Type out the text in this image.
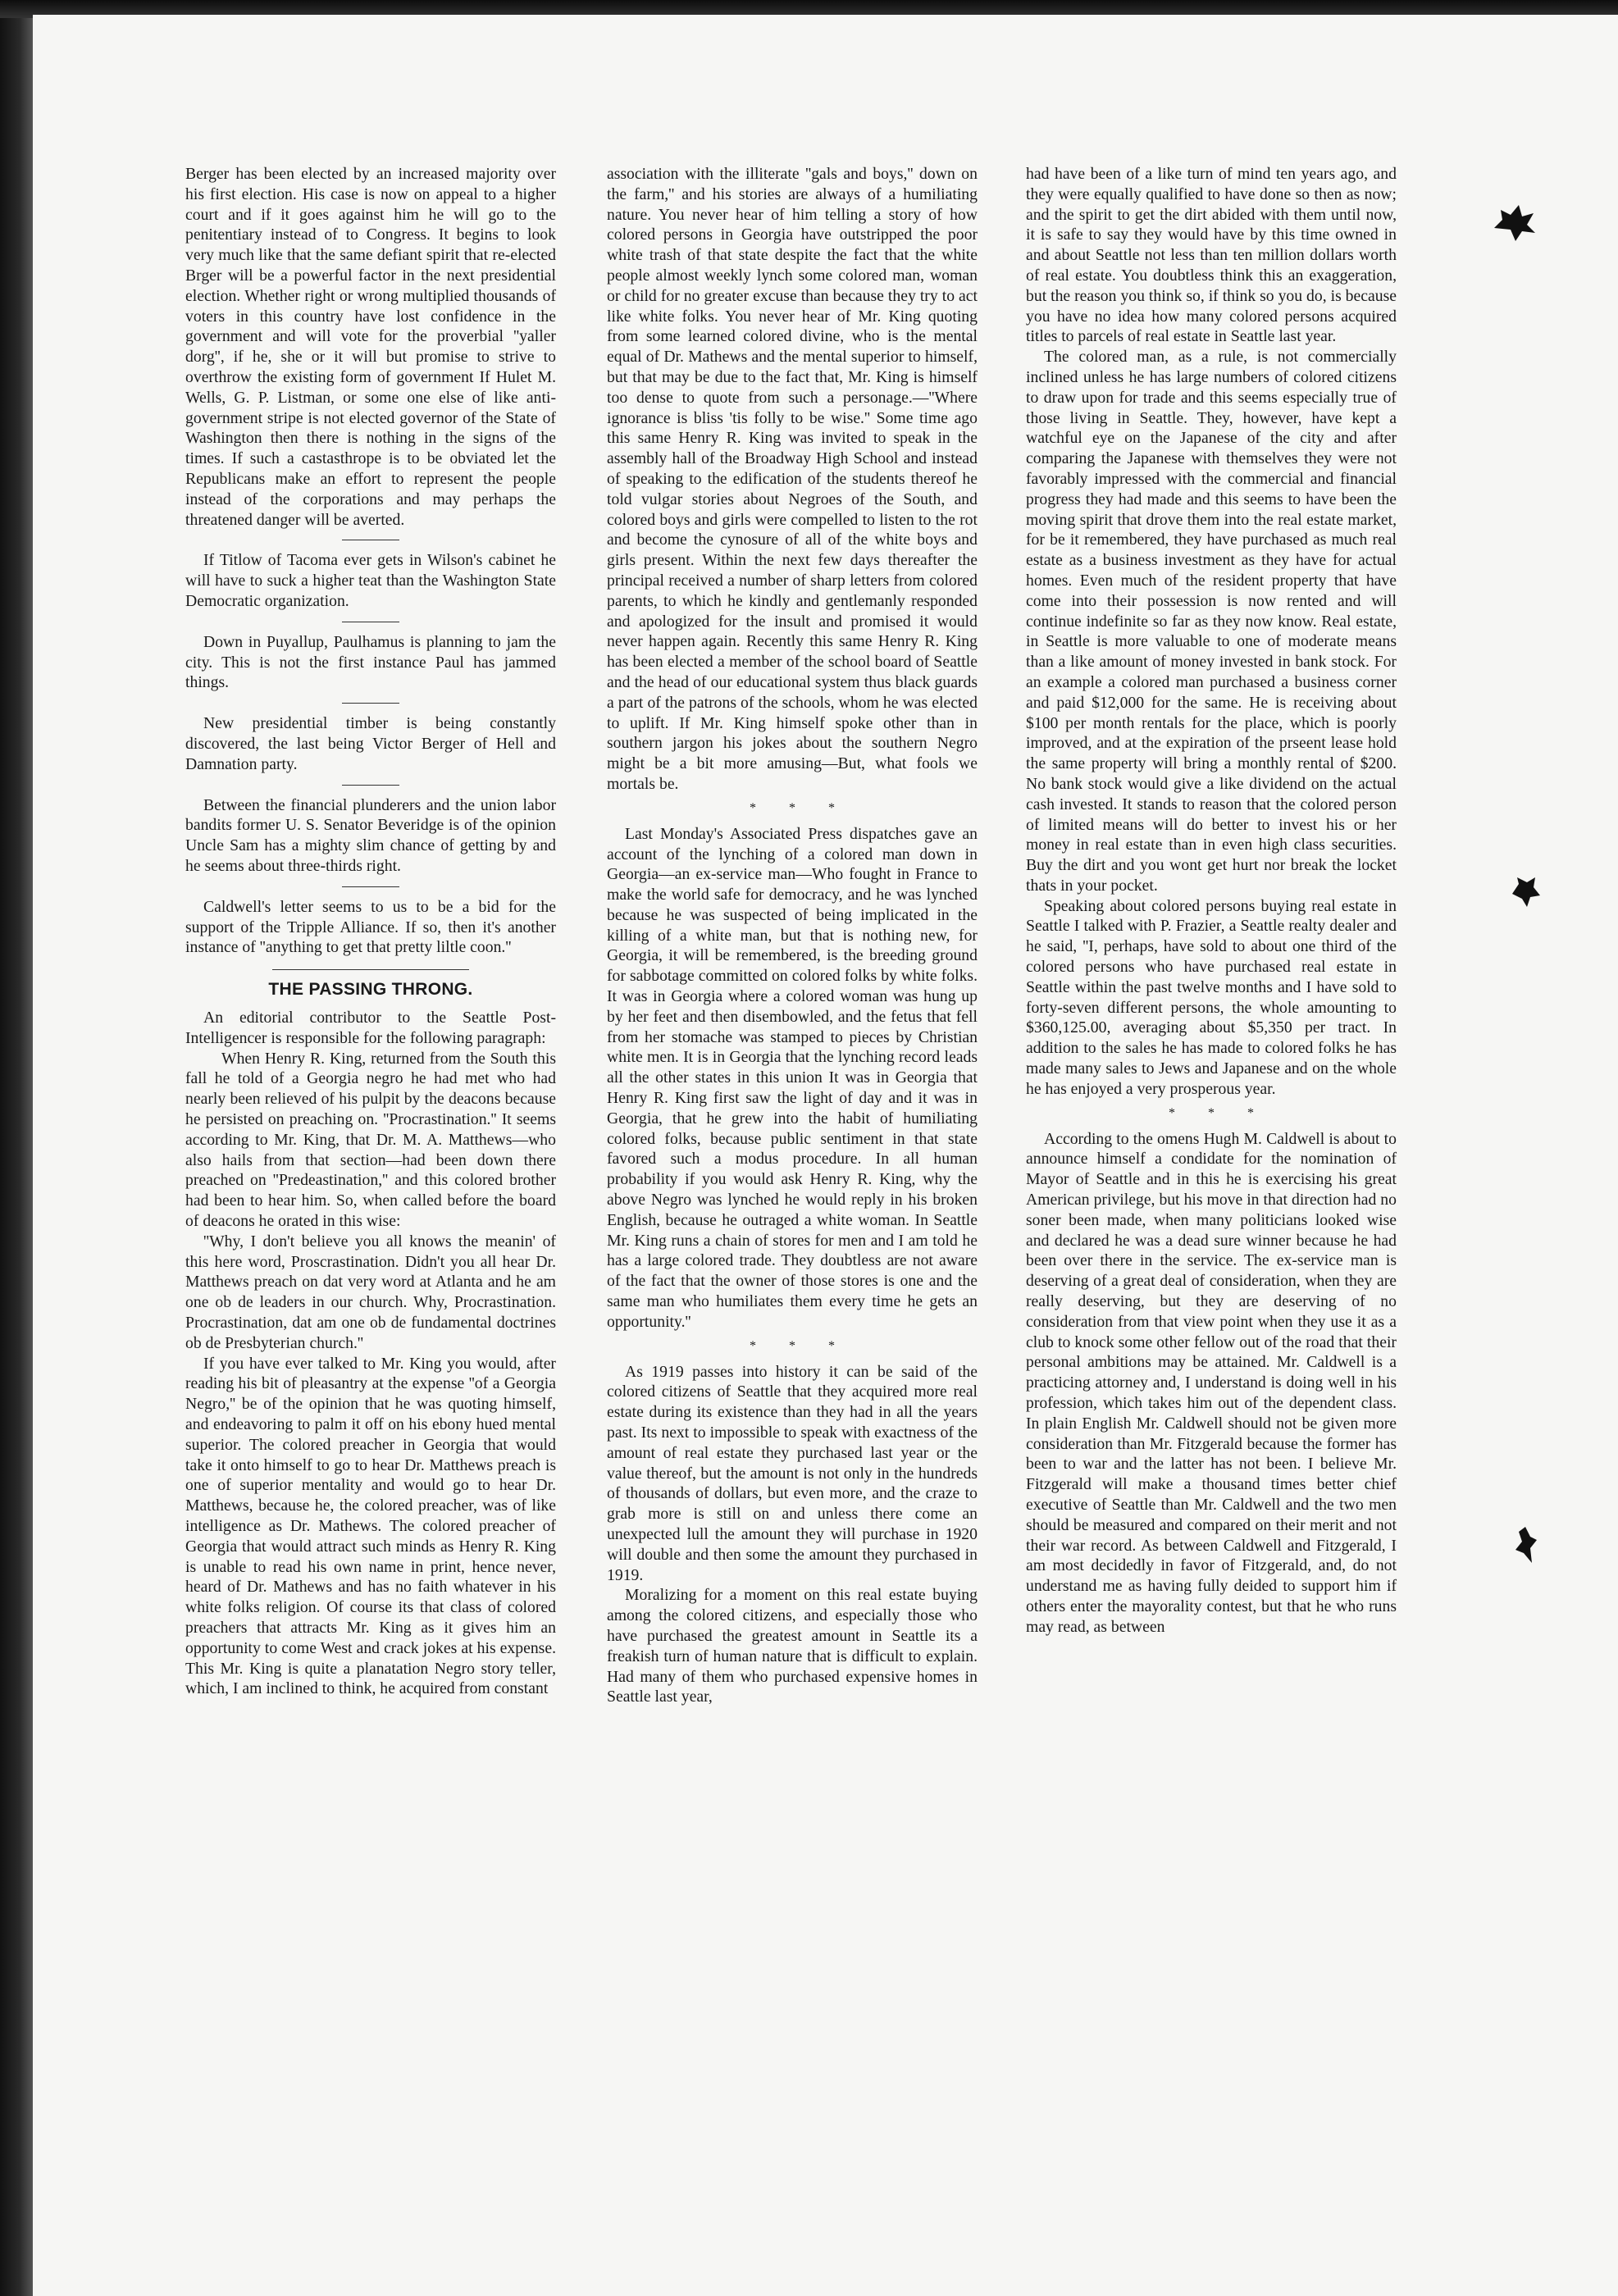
Berger has been elected by an increased majority over his first election. His case is now on appeal to a higher court and if it goes against him he will go to the penitentiary instead of to Congress. It begins to look very much like that the same defiant spirit that re-elected Brger will be a powerful factor in the next presidential election. Whether right or wrong multiplied thousands of voters in this country have lost confidence in the government and will vote for the proverbial ''yaller dorg'', if he, she or it will but promise to strive to overthrow the existing form of government If Hulet M. Wells, G. P. Listman, or some one else of like anti-government stripe is not elected governor of the State of Washington then there is nothing in the signs of the times. If such a castasthrope is to be obviated let the Republicans make an effort to represent the people instead of the corporations and may perhaps the threatened danger will be averted.

If Titlow of Tacoma ever gets in Wilson's cabinet he will have to suck a higher teat than the Washington State Democratic organization.

Down in Puyallup, Paulhamus is planning to jam the city. This is not the first instance Paul has jammed things.

New presidential timber is being constantly discovered, the last being Victor Berger of Hell and Damnation party.

Between the financial plunderers and the union labor bandits former U. S. Senator Beveridge is of the opinion Uncle Sam has a mighty slim chance of getting by and he seems about three-thirds right.

Caldwell's letter seems to us to be a bid for the support of the Tripple Alliance. If so, then it's another instance of ''anything to get that pretty liltle coon.''

THE PASSING THRONG.

An editorial contributor to the Seattle Post-Intelligencer is responsible for the following paragraph:

When Henry R. King, returned from the South this fall he told of a Georgia negro he had met who had nearly been relieved of his pulpit by the deacons because he persisted on preaching on. ''Procrastination.'' It seems according to Mr. King, that Dr. M. A. Matthews—who also hails from that section—had been down there preached on ''Predeastination,'' and this colored brother had been to hear him. So, when called before the board of deacons he orated in this wise:

''Why, I don't believe you all knows the meanin' of this here word, Proscrastination. Didn't you all hear Dr. Matthews preach on dat very word at Atlanta and he am one ob de leaders in our church. Why, Procrastination. Procrastination, dat am one ob de fundamental doctrines ob de Presbyterian church.''

If you have ever talked to Mr. King you would, after reading his bit of pleasantry at the expense ''of a Georgia Negro,'' be of the opinion that he was quoting himself, and endeavoring to palm it off on his ebony hued mental superior. The colored preacher in Georgia that would take it onto himself to go to hear Dr. Matthews preach is one of superior mentality and would go to hear Dr. Matthews, because he, the colored preacher, was of like intelligence as Dr. Mathews. The colored preacher of Georgia that would attract such minds as Henry R. King is unable to read his own name in print, hence never, heard of Dr. Mathews and has no faith whatever in his white folks religion. Of course its that class of colored preachers that attracts Mr. King as it gives him an opportunity to come West and crack jokes at his expense. This Mr. King is quite a planatation Negro story teller, which, I am inclined to think, he acquired from constant

association with the illiterate ''gals and boys,'' down on the farm,'' and his stories are always of a humiliating nature. You never hear of him telling a story of how colored persons in Georgia have outstripped the poor white trash of that state despite the fact that the white people almost weekly lynch some colored man, woman or child for no greater excuse than because they try to act like white folks. You never hear of Mr. King quoting from some learned colored divine, who is the mental equal of Dr. Mathews and the mental superior to himself, but that may be due to the fact that, Mr. King is himself too dense to quote from such a personage.—''Where ignorance is bliss 'tis folly to be wise.'' Some time ago this same Henry R. King was invited to speak in the assembly hall of the Broadway High School and instead of speaking to the edification of the students thereof he told vulgar stories about Negroes of the South, and colored boys and girls were compelled to listen to the rot and become the cynosure of all of the white boys and girls present. Within the next few days thereafter the principal received a number of sharp letters from colored parents, to which he kindly and gentlemanly responded and apologized for the insult and promised it would never happen again. Recently this same Henry R. King has been elected a member of the school board of Seattle and the head of our educational system thus black guards a part of the patrons of the schools, whom he was elected to uplift. If Mr. King himself spoke other than in southern jargon his jokes about the southern Negro might be a bit more amusing—But, what fools we mortals be.

* * *

Last Monday's Associated Press dispatches gave an account of the lynching of a colored man down in Georgia—an ex-service man—Who fought in France to make the world safe for democracy, and he was lynched because he was suspected of being implicated in the killing of a white man, but that is nothing new, for Georgia, it will be remembered, is the breeding ground for sabbotage committed on colored folks by white folks. It was in Georgia where a colored woman was hung up by her feet and then disembowled, and the fetus that fell from her stomache was stamped to pieces by Christian white men. It is in Georgia that the lynching record leads all the other states in this union It was in Georgia that Henry R. King first saw the light of day and it was in Georgia, that he grew into the habit of humiliating colored folks, because public sentiment in that state favored such a modus procedure. In all human probability if you would ask Henry R. King, why the above Negro was lynched he would reply in his broken English, because he outraged a white woman. In Seattle Mr. King runs a chain of stores for men and I am told he has a large colored trade. They doubtless are not aware of the fact that the owner of those stores is one and the same man who humiliates them every time he gets an opportunity.''

* * *

As 1919 passes into history it can be said of the colored citizens of Seattle that they acquired more real estate during its existence than they had in all the years past. Its next to impossible to speak with exactness of the amount of real estate they purchased last year or the value thereof, but the amount is not only in the hundreds of thousands of dollars, but even more, and the craze to grab more is still on and unless there come an unexpected lull the amount they will purchase in 1920 will double and then some the amount they purchased in 1919.

Moralizing for a moment on this real estate buying among the colored citizens, and especially those who have purchased the greatest amount in Seattle its a freakish turn of human nature that is difficult to explain. Had many of them who purchased expensive homes in Seattle last year,

had have been of a like turn of mind ten years ago, and they were equally qualified to have done so then as now; and the spirit to get the dirt abided with them until now, it is safe to say they would have by this time owned in and about Seattle not less than ten million dollars worth of real estate. You doubtless think this an exaggeration, but the reason you think so, if think so you do, is because you have no idea how many colored persons acquired titles to parcels of real estate in Seattle last year.

The colored man, as a rule, is not commercially inclined unless he has large numbers of colored citizens to draw upon for trade and this seems especially true of those living in Seattle. They, however, have kept a watchful eye on the Japanese of the city and after comparing the Japanese with themselves they were not favorably impressed with the commercial and financial progress they had made and this seems to have been the moving spirit that drove them into the real estate market, for be it remembered, they have purchased as much real estate as a business investment as they have for actual homes. Even much of the resident property that have come into their possession is now rented and will continue indefinite so far as they now know. Real estate, in Seattle is more valuable to one of moderate means than a like amount of money invested in bank stock. For an example a colored man purchased a business corner and paid $12,000 for the same. He is receiving about $100 per month rentals for the place, which is poorly improved, and at the expiration of the prseent lease hold the same property will bring a monthly rental of $200. No bank stock would give a like dividend on the actual cash invested. It stands to reason that the colored person of limited means will do better to invest his or her money in real estate than in even high class securities. Buy the dirt and you wont get hurt nor break the locket thats in your pocket.

Speaking about colored persons buying real estate in Seattle I talked with P. Frazier, a Seattle realty dealer and he said, ''I, perhaps, have sold to about one third of the colored persons who have purchased real estate in Seattle within the past twelve months and I have sold to forty-seven different persons, the whole amounting to $360,125.00, averaging about $5,350 per tract. In addition to the sales he has made to colored folks he has made many sales to Jews and Japanese and on the whole he has enjoyed a very prosperous year.

* * *

According to the omens Hugh M. Caldwell is about to announce himself a condidate for the nomination of Mayor of Seattle and in this he is exercising his great American privilege, but his move in that direction had no soner been made, when many politicians looked wise and declared he was a dead sure winner because he had been over there in the service. The ex-service man is deserving of a great deal of consideration, when they are really deserving, but they are deserving of no consideration from that view point when they use it as a club to knock some other fellow out of the road that their personal ambitions may be attained. Mr. Caldwell is a practicing attorney and, I understand is doing well in his profession, which takes him out of the dependent class. In plain English Mr. Caldwell should not be given more consideration than Mr. Fitzgerald because the former has been to war and the latter has not been. I believe Mr. Fitzgerald will make a thousand times better chief executive of Seattle than Mr. Caldwell and the two men should be measured and compared on their merit and not their war record. As between Caldwell and Fitzgerald, I am most decidedly in favor of Fitzgerald, and, do not understand me as having fully deided to support him if others enter the mayorality contest, but that he who runs may read, as between
